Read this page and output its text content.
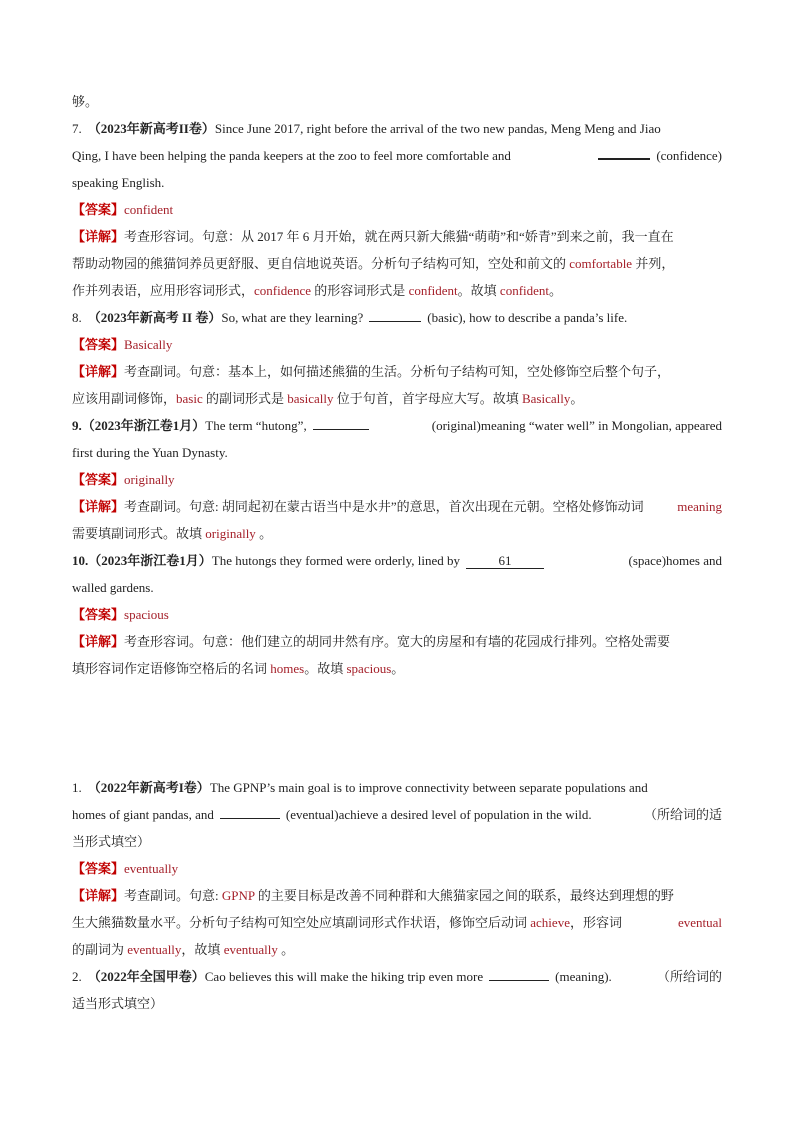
够。
7. （2023年新高考II卷）Since June 2017, right before the arrival of the two new pandas, Meng Meng and Jiao
Qing, I have been helping the panda keepers at the zoo to feel more comfortable and	(confidence)
speaking English.
【答案】confident
【详解】考查形容词。句意：从 2017 年 6 月开始，就在两只新大熊猫“萌萌”和“娇青”到来之前，我一直在
帮助动物园的熊猫饲养员更舒服、更自信地说英语。分析句子结构可知，空处和前文的 comfortable 并列，
作并列表语，应用形容词形式，confidence 的形容词形式是 confident。故填 confident。
8. （2023年新高考 II 卷）So, what are they learning?	(basic), how to describe a panda’s life.
【答案】Basically
【详解】考查副词。句意：基本上，如何描述熊猫的生活。分析句子结构可知，空处修饰空后整个句子，
应该用副词修饰，basic 的副词形式是 basically 位于句首，首字母应大写。故填 Basically。
9.（2023年浙江卷1月）The term “hutong”,	(original)meaning “water well” in Mongolian, appeared
first during the Yuan Dynasty.
【答案】originally
【详解】考查副词。句意: 胡同起初在蒙古语当中是水井”的意思，首次出现在元朝。空格处修饰动词	meaning
需要填副词形式。故填 originally 。
10.（2023年浙江卷1月）The hutongs they formed were orderly, lined by	61	(space)homes and
walled gardens.
【答案】spacious
【详解】考查形容词。句意：他们建立的胡同井然有序。宽大的房屋和有墙的花园成行排列。空格处需要
填形容词作定语修饰空格后的名词 homes。故填 spacious。
1. （2022年新高考I卷）The GPNP’s main goal is to improve connectivity between separate populations and
homes of giant pandas, and	(eventual)achieve a desired level of population in the wild.	（所给词的适
当形式填空）
【答案】eventually
【详解】考查副词。句意: GPNP 的主要目标是改善不同种群和大熊猫家园之间的联系，最终达到理想的野
生大熊猫数量水平。分析句子结构可知空处应填副词形式作状语，修饰空后动词 achieve，形容词	eventual
的副词为 eventually，故填 eventually 。
2. （2022年全国甲卷）Cao believes this will make the hiking trip even more	(meaning).	（所给词的
适当形式填空）
